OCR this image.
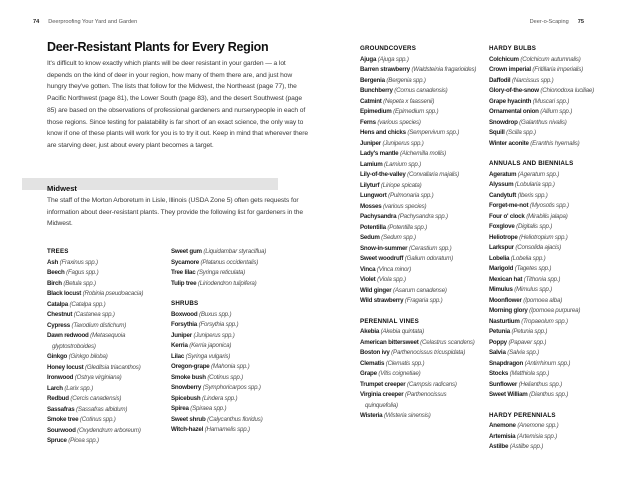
74 Deerproofing Your Yard and Garden	Deer-o-Scaping 75
Deer-Resistant Plants for Every Region

It's difficult to know exactly which plants will be deer resistant in your garden — a lot depends on the kind of deer in your region, how many of them there are, and just how hungry they've gotten. The lists that follow for the Midwest, the Northeast (page 77), the Pacific Northwest (page 81), the Lower South (page 83), and the desert Southwest (page 85) are based on the observations of professional gardeners and nurserypeople in each of those regions. Since testing for palatability is far short of an exact science, the only way to know if one of these plants will work for you is to try it out. Keep in mind that wherever there are starving deer, just about every plant becomes a target.

Midwest

The staff of the Morton Arboretum in Lisle, Illinois (USDA Zone 5) often gets requests for information about deer-resistant plants. They provide the following list for gardeners in the Midwest.

TREES
Ash (Fraxinus spp.)
Beech (Fagus spp.)
Birch (Betula spp.)
Black locust (Robinia pseudoacacia)
Catalpa (Catalpa spp.)
Chestnut (Castanea spp.)
Cypress (Taxodium distichum)
Dawn redwood (Metasequoia glyptostroboides)
Ginkgo (Ginkgo biloba)
Honey locust (Gleditsia triacanthos)
Ironwood (Ostrya virginiana)
Larch (Larix spp.)
Redbud (Cercis canadensis)
Sassafras (Sassafras albidum)
Smoke tree (Cotinus spp.)
Sourwood (Oxydendrum arboreum)
Spruce (Picea spp.)
Sweet gum (Liquidambar styraciflua)
Sycamore (Platanus occidentalis)
Tree lilac (Syringa reticulata)
Tulip tree (Liriodendron tulipifera)
SHRUBS
Boxwood (Buxus spp.)
Forsythia (Forsythia spp.)
Juniper (Juniperus spp.)
Kerria (Kerria japonica)
Lilac (Syringa vulgaris)
Oregon-grape (Mahonia spp.)
Smoke bush (Cotinus spp.)
Snowberry (Symphoricarpos spp.)
Spicebush (Lindera spp.)
Spirea (Spiraea spp.)
Sweet shrub (Calycanthus floridus)
Witch-hazel (Hamamelis spp.)
GROUNDCOVERS
Ajuga (Ajuga spp.)
Barren strawberry (Waldsteinia fragarioides)
Bergenia (Bergenia spp.)
Bunchberry (Cornus canadensis)
Catmint (Nepeta x faassenii)
Epimedium (Epimedium spp.)
Ferns (various species)
Hens and chicks (Sempervivum spp.)
Juniper (Juniperus spp.)
Lady's mantle (Alchemilla mollis)
Lamium (Lamium spp.)
Lily-of-the-valley (Convallaria majalis)
Lilyturf (Liriope spicata)
Lungwort (Pulmonaria spp.)
Mosses (various species)
Pachysandra (Pachysandra spp.)
Potentilla (Potentilla spp.)
Sedum (Sedum spp.)
Snow-in-summer (Cerastium spp.)
Sweet woodruff (Galium odoratum)
Vinca (Vinca minor)
Violet (Viola spp.)
Wild ginger (Asarum canadense)
Wild strawberry (Fragaria spp.)
PERENNIAL VINES
Akebia (Akebia quintata)
American bittersweet (Celastrus scandens)
Boston ivy (Parthenocissus tricuspidata)
Clematis (Clematis spp.)
Grape (Vitis coignetiae)
Trumpet creeper (Campsis radicans)
Virginia creeper (Parthenocissus quinquefolia)
Wisteria (Wisteria sinensis)
HARDY BULBS
Colchicum (Colchicum autumnalis)
Crown imperial (Fritillaria imperialis)
Daffodil (Narcissus spp.)
Glory-of-the-snow (Chionodoxa luciliae)
Grape hyacinth (Muscari spp.)
Ornamental onion (Allium spp.)
Snowdrop (Galanthus nivalis)
Squill (Scilla spp.)
Winter aconite (Eranthis hyemalis)
ANNUALS AND BIENNIALS
Ageratum (Ageratum spp.)
Alyssum (Lobularia spp.)
Candytuft (Iberis spp.)
Forget-me-not (Myosotis spp.)
Four o' clock (Mirabilis jalapa)
Foxglove (Digitalis spp.)
Heliotrope (Heliotropium spp.)
Larkspur (Consolida ajacis)
Lobelia (Lobelia spp.)
Marigold (Tagetes spp.)
Mexican hat (Tithonia spp.)
Mimulus (Mimulus spp.)
Moonflower (Ipomoea alba)
Morning glory (Ipomoea purpurea)
Nasturtium (Tropaeolum spp.)
Petunia (Petunia spp.)
Poppy (Papaver spp.)
Salvia (Salvia spp.)
Snapdragon (Antirrhinum spp.)
Stocks (Matthiola spp.)
Sunflower (Helianthus spp.)
Sweet William (Dianthus spp.)
HARDY PERENNIALS
Anemone (Anemone spp.)
Artemisia (Artemisia spp.)
Astilbe (Astilbe spp.)
